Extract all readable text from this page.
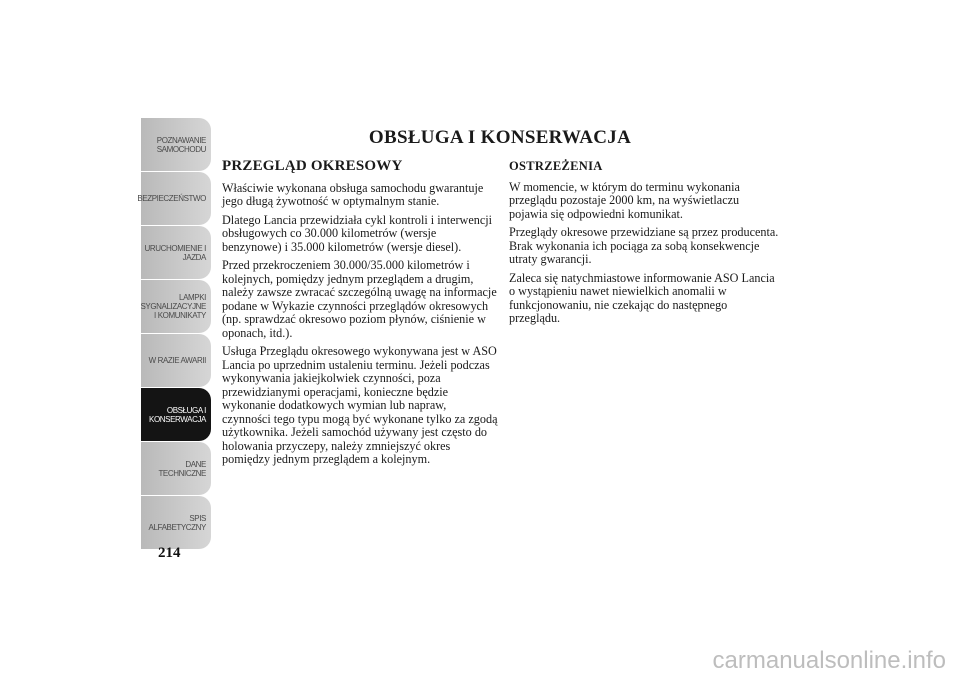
POZNAWANIE
SAMOCHODU
BEZPIECZEŃSTWO
URUCHOMIENIE I
JAZDA
LAMPKI
SYGNALIZACYJNE
I KOMUNIKATY
W RAZIE AWARII
OBSŁUGA I
KONSERWACJA
DANE
TECHNICZNE
SPIS
ALFABETYCZNY
214
OBSŁUGA I KONSERWACJA
PRZEGLĄD OKRESOWY

Właściwie wykonana obsługa samochodu gwarantuje jego długą żywotność w optymalnym stanie.

Dlatego Lancia przewidziała cykl kontroli i interwencji obsługowych co 30.000 kilometrów (wersje benzynowe) i 35.000 kilometrów (wersje diesel).

Przed przekroczeniem 30.000/35.000 kilometrów i kolejnych, pomiędzy jednym przeglądem a drugim, należy zawsze zwracać szczególną uwagę na informacje podane w Wykazie czynności przeglądów okresowych (np. sprawdzać okresowo poziom płynów, ciśnienie w oponach, itd.).

Usługa Przeglądu okresowego wykonywana jest w ASO Lancia po uprzednim ustaleniu terminu. Jeżeli podczas wykonywania jakiejkolwiek czynności, poza przewidzianymi operacjami, konieczne będzie wykonanie dodatkowych wymian lub napraw, czynności tego typu mogą być wykonane tylko za zgodą użytkownika. Jeżeli samochód używany jest często do holowania przyczepy, należy zmniejszyć okres pomiędzy jednym przeglądem a kolejnym.

OSTRZEŻENIA

W momencie, w którym do terminu wykonania przeglądu pozostaje 2000 km, na wyświetlaczu pojawia się odpowiedni komunikat.

Przeglądy okresowe przewidziane są przez producenta. Brak wykonania ich pociąga za sobą konsekwencje utraty gwarancji.

Zaleca się natychmiastowe informowanie ASO Lancia o wystąpieniu nawet niewielkich anomalii w funkcjonowaniu, nie czekając do następnego przeglądu.

carmanualsonline.info
